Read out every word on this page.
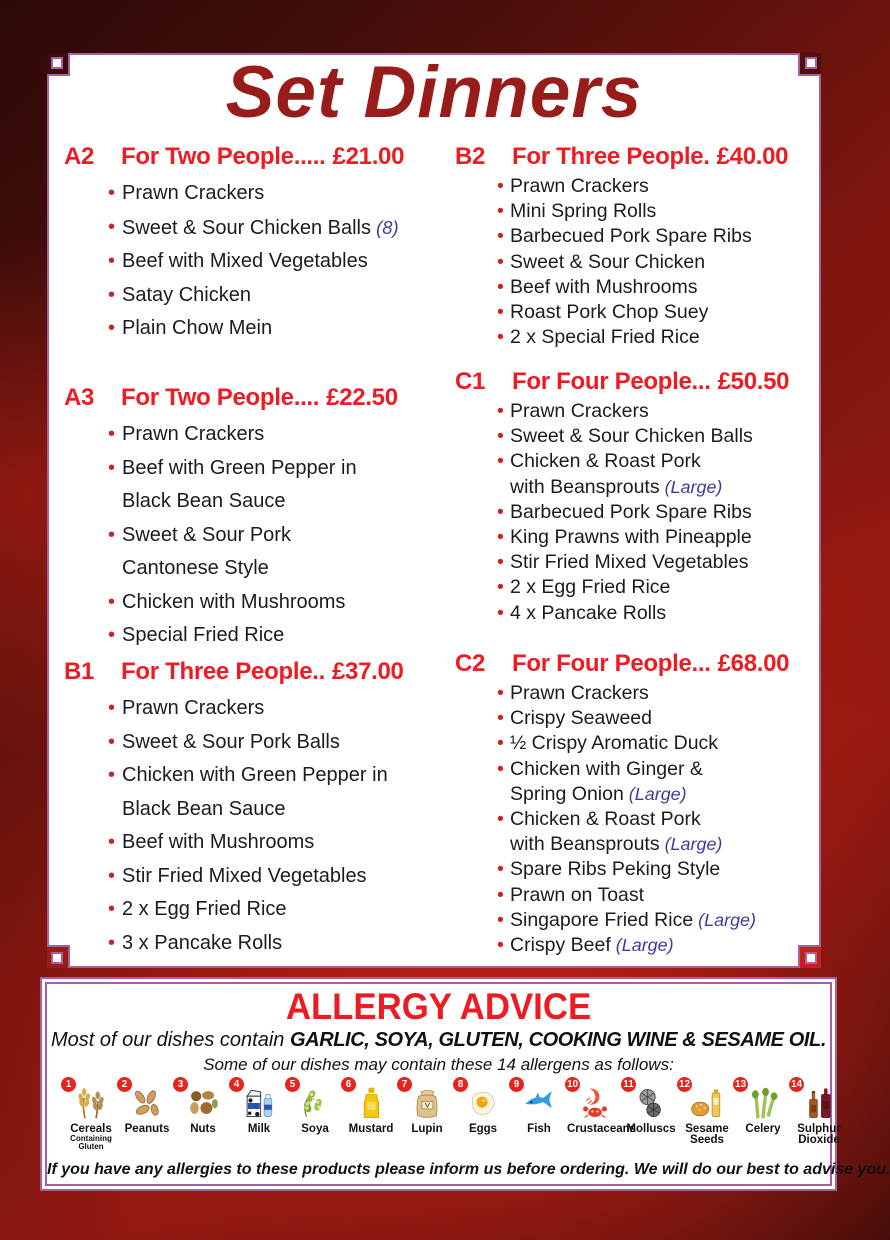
Set Dinners
A2	For Two People..... £21.00
• Prawn Crackers
• Sweet & Sour Chicken Balls (8)
• Beef with Mixed Vegetables
• Satay Chicken
• Plain Chow Mein
A3	For Two People.... £22.50
• Prawn Crackers
• Beef with Green Pepper in
Black Bean Sauce
• Sweet & Sour Pork
Cantonese Style
• Chicken with Mushrooms
• Special Fried Rice
B1	For Three People.. £37.00
• Prawn Crackers
• Sweet & Sour Pork Balls
• Chicken with Green Pepper in
Black Bean Sauce
• Beef with Mushrooms
• Stir Fried Mixed Vegetables
• 2 x Egg Fried Rice
• 3 x Pancake Rolls
B2	For Three People. £40.00
• Prawn Crackers
• Mini Spring Rolls
• Barbecued Pork Spare Ribs
• Sweet & Sour Chicken
• Beef with Mushrooms
• Roast Pork Chop Suey
• 2 x Special Fried Rice
C1	For Four People... £50.50
• Prawn Crackers
• Sweet & Sour Chicken Balls
• Chicken & Roast Pork
with Beansprouts (Large)
• Barbecued Pork Spare Ribs
• King Prawns with Pineapple
• Stir Fried Mixed Vegetables
• 2 x Egg Fried Rice
• 4 x Pancake Rolls
C2	For Four People... £68.00
• Prawn Crackers
• Crispy Seaweed
• ½ Crispy Aromatic Duck
• Chicken with Ginger &
Spring Onion (Large)
• Chicken & Roast Pork
with Beansprouts (Large)
• Spare Ribs Peking Style
• Prawn on Toast
• Singapore Fried Rice (Large)
• Crispy Beef (Large)
ALLERGY ADVICE
Most of our dishes contain GARLIC, SOYA, GLUTEN, COOKING WINE & SESAME OIL.
Some of our dishes may contain these 14 allergens as follows:
1
Cereals
Containing Gluten
2
Peanuts
3
Nuts
4
Milk
5
Soya
6
Mustard
7
Lupin
8
Eggs
9
Fish
10
Crustaceans
11
Molluscs
12
Sesame
Seeds
13
Celery
14
Sulphur
Dioxide
If you have any allergies to these products please inform us before ordering. We will do our best to advise you.
